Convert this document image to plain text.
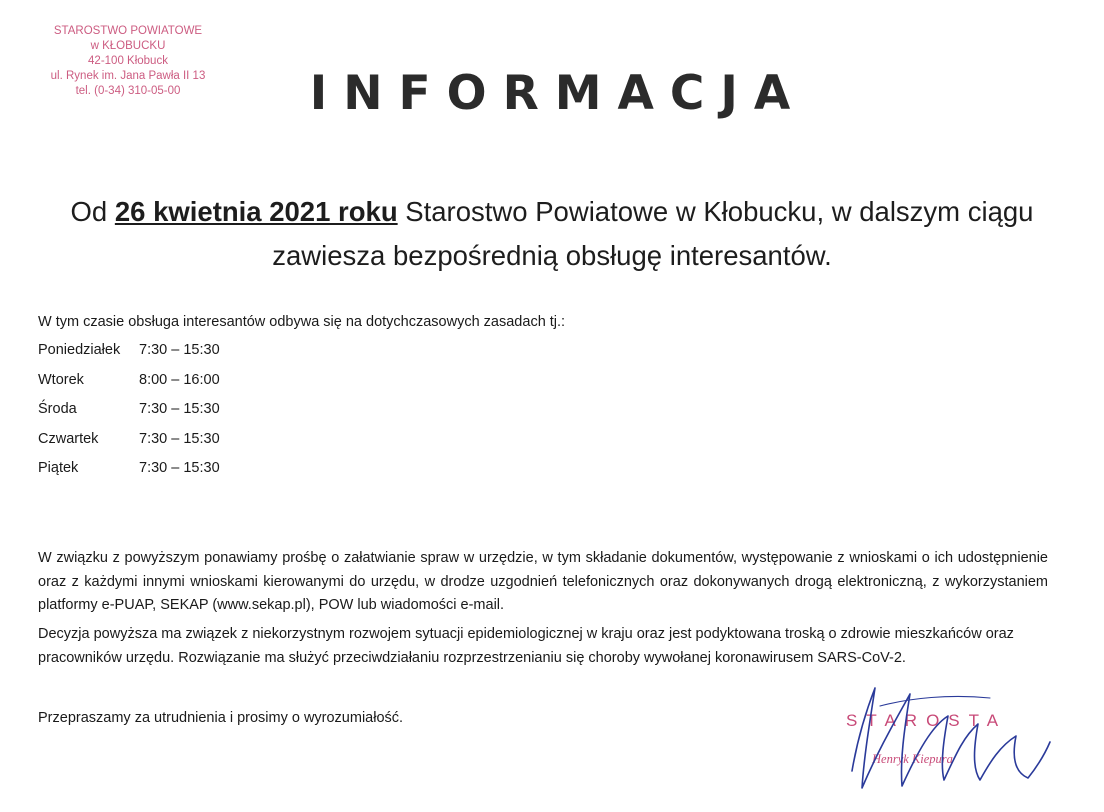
STAROSTWO POWIATOWE
w KŁOBUCKU
42-100 Kłobuck
ul. Rynek im. Jana Pawła II 13
tel. (0-34) 310-05-00	INFORMACJA
Od 26 kwietnia 2021 roku Starostwo Powiatowe w Kłobucku, w dalszym ciągu zawiesza bezpośrednią obsługę interesantów.
W tym czasie obsługa interesantów odbywa się na dotychczasowych zasadach tj.:
Poniedziałek	7:30 – 15:30
Wtorek	8:00 – 16:00
Środa	7:30 – 15:30
Czwartek	7:30 – 15:30
Piątek	7:30 – 15:30
W związku z powyższym ponawiamy prośbę o załatwianie spraw w urzędzie, w tym składanie dokumentów, występowanie z wnioskami o ich udostępnienie oraz z każdymi innymi wnioskami kierowanymi do urzędu, w drodze uzgodnień telefonicznych oraz dokonywanych drogą elektroniczną, z wykorzystaniem platformy e-PUAP, SEKAP (www.sekap.pl), POW lub wiadomości e-mail.
Decyzja powyższa ma związek z niekorzystnym rozwojem sytuacji epidemiologicznej w kraju oraz jest podyktowana troską o zdrowie mieszkańców oraz pracowników urzędu. Rozwiązanie ma służyć przeciwdziałaniu rozprzestrzenianiu się choroby wywołanej koronawirusem SARS-CoV-2.
Przepraszamy za utrudnienia i prosimy o wyrozumiałość.	STAROSTA
Henryk Kiepura
